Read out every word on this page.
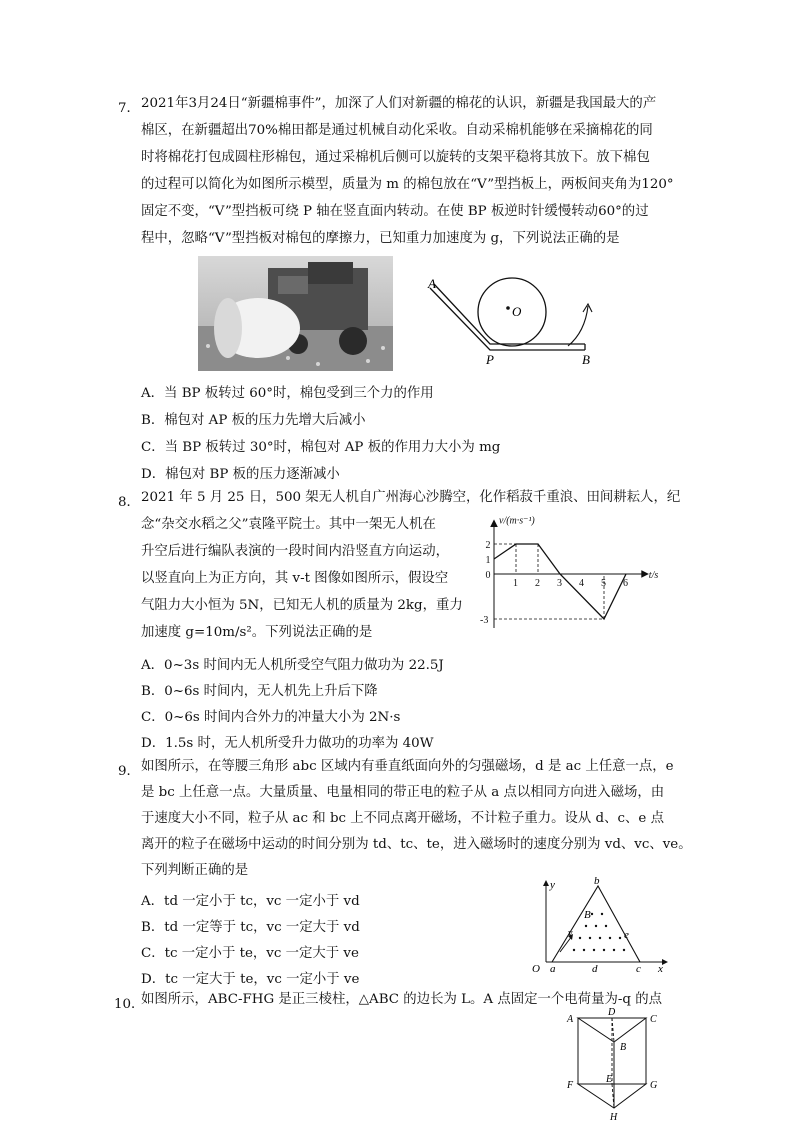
7． 2021年3月24日“新疆棉事件”，加深了人们对新疆的棉花的认识，新疆是我国最大的产
棉区，在新疆超出70%棉田都是通过机械自动化采收。自动采棉机能够在采摘棉花的同
时将棉花打包成圆柱形棉包，通过采棉机后侧可以旋转的支架平稳将其放下。放下棉包
的过程可以简化为如图所示模型，质量为 m 的棉包放在“V”型挡板上，两板间夹角为120°
固定不变，“V”型挡板可绕 P 轴在竖直面内转动。在使 BP 板逆时针缓慢转动60°的过
程中，忽略“V”型挡板对棉包的摩擦力，已知重力加速度为 g，下列说法正确的是
A
O
P	B
A．当 BP 板转过 60°时，棉包受到三个力的作用
B．棉包对 AP 板的压力先增大后减小
C．当 BP 板转过 30°时，棉包对 AP 板的作用力大小为 mg
D．棉包对 BP 板的压力逐渐减小
8． 2021 年 5 月 25 日，500 架无人机自广州海心沙腾空，化作稻菽千重浪、田间耕耘人，纪
念“杂交水稻之父”袁隆平院士。其中一架无人机在
升空后进行编队表演的一段时间内沿竖直方向运动，
以竖直向上为正方向，其 v-t 图像如图所示，假设空
气阻力大小恒为 5N，已知无人机的质量为 2kg，重力
加速度 g=10m/s²。下列说法正确的是
1 2 3 4 5 6
2
1
0
-3
v/(m·s⁻¹)
t/s
A．0~3s 时间内无人机所受空气阻力做功为 22.5J
B．0~6s 时间内，无人机先上升后下降
C．0~6s 时间内合外力的冲量大小为 2N·s
D．1.5s 时，无人机所受升力做功的功率为 40W
9． 如图所示，在等腰三角形 abc 区域内有垂直纸面向外的匀强磁场，d 是 ac 上任意一点，e
是 bc 上任意一点。大量质量、电量相同的带正电的粒子从 a 点以相同方向进入磁场，由
于速度大小不同，粒子从 ac 和 bc 上不同点离开磁场，不计粒子重力。设从 d、c、e 点
离开的粒子在磁场中运动的时间分别为 td、tc、te，进入磁场时的速度分别为 vd、vc、ve。
下列判断正确的是
A．td 一定小于 tc，vc 一定小于 vd
B．td 一定等于 tc，vc 一定大于 vd
C．tc 一定小于 te，vc 一定大于 ve
D．tc 一定大于 te，vc 一定小于 ve
y	b
B
v	e
O a	d	c x
10．
如图所示，ABC-FHG 是正三棱柱，△ABC 的边长为 L。A 点固定一个电荷量为-q 的点
A
D
C
B
F
E
G
H
